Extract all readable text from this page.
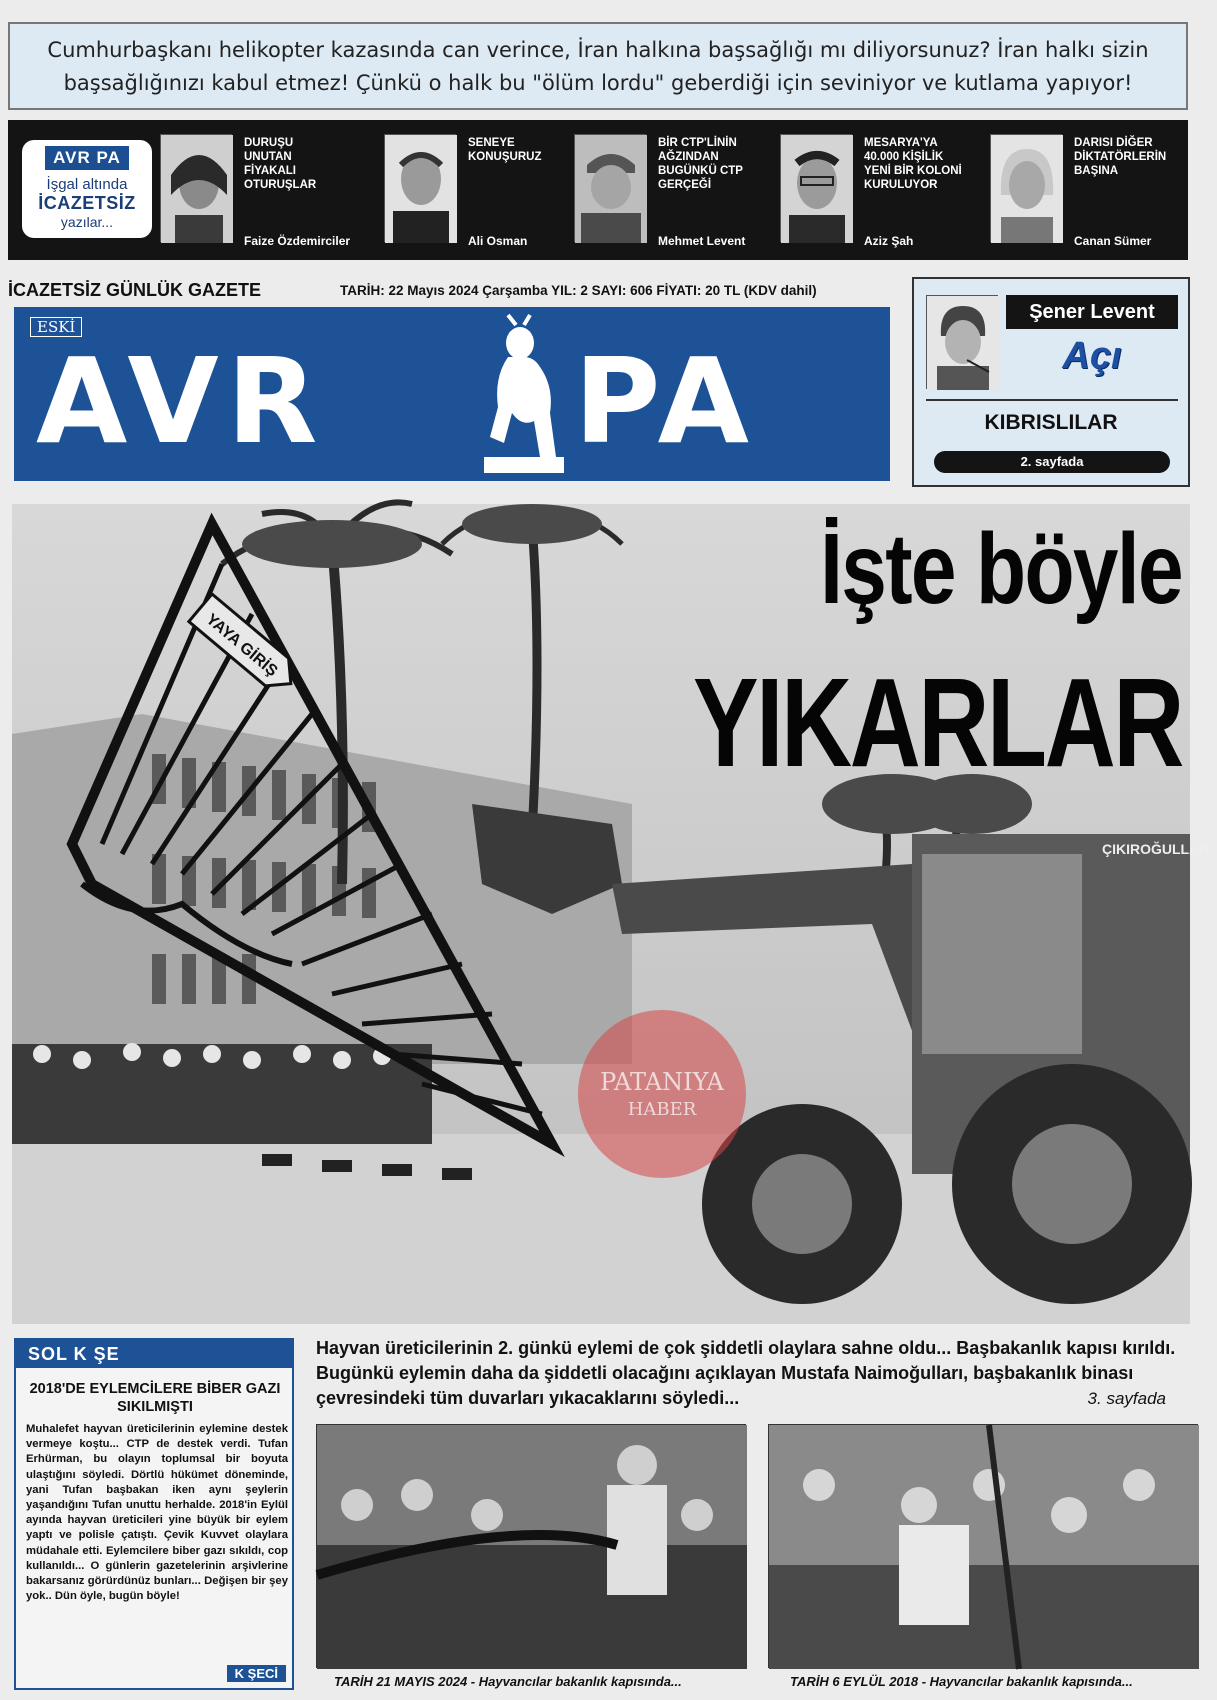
Cumhurbaşkanı helikopter kazasında can verince, İran halkına başsağlığı mı diliyorsunuz? İran halkı sizin başsağlığınızı kabul etmez! Çünkü o halk bu "ölüm lordu" geberdiği için seviniyor ve kutlama yapıyor!
AVR PA
İşgal altında
İCAZETSİZ
yazılar...
DURUŞU UNUTAN FİYAKALI OTURUŞLAR
Faize Özdemirciler
SENEYE KONUŞURUZ
Ali Osman
BİR CTP'LİNİN AĞZINDAN BUGÜNKÜ CTP GERÇEĞİ
Mehmet Levent
MESARYA'YA 40.000 KİŞİLİK YENİ BİR KOLONİ KURULUYOR
Aziz Şah
DARISI DİĞER DİKTATÖRLERİN BAŞINA
Canan Sümer
İCAZETSİZ GÜNLÜK GAZETE	TARİH: 22 Mayıs 2024 Çarşamba YIL: 2 SAYI: 606 FİYATI: 20 TL (KDV dahil)
ESKİ
AVR PA
Şener Levent
Açı
KIBRISLILAR
2. sayfada
YAYA GİRİŞ
ÇIKIROĞULLARI
İşte böyle
YIKARLAR
PATANIYA
HABER
SOL K ŞE
2018'DE EYLEMCİLERE BİBER GAZI SIKILMIŞTI
Muhalefet hayvan üreticilerinin eylemine destek vermeye koştu... CTP de destek verdi. Tufan Erhürman, bu olayın toplumsal bir boyuta ulaştığını söyledi. Dörtlü hükümet döneminde, yani Tufan başbakan iken aynı şeylerin yaşandığını Tufan unuttu herhalde. 2018'in Eylül ayında hayvan üreticileri yine büyük bir eylem yaptı ve polisle çatıştı. Çevik Kuvvet olaylara müdahale etti. Eylemcilere biber gazı sıkıldı, cop kullanıldı... O günlerin gazetelerinin arşivlerine bakarsanız görürdünüz bunları... Değişen bir şey yok.. Dün öyle, bugün böyle!
K ŞECİ
Hayvan üreticilerinin 2. günkü eylemi de çok şiddetli olaylara sahne oldu... Başbakanlık kapısı kırıldı. Bugünkü eylemin daha da şiddetli olacağını açıklayan Mustafa Naimoğulları, başbakanlık binası çevresindeki tüm duvarları yıkacaklarını söyledi...	3. sayfada
TARİH 21 MAYIS 2024 - Hayvancılar bakanlık kapısında...	TARİH 6 EYLÜL 2018 - Hayvancılar bakanlık kapısında...
